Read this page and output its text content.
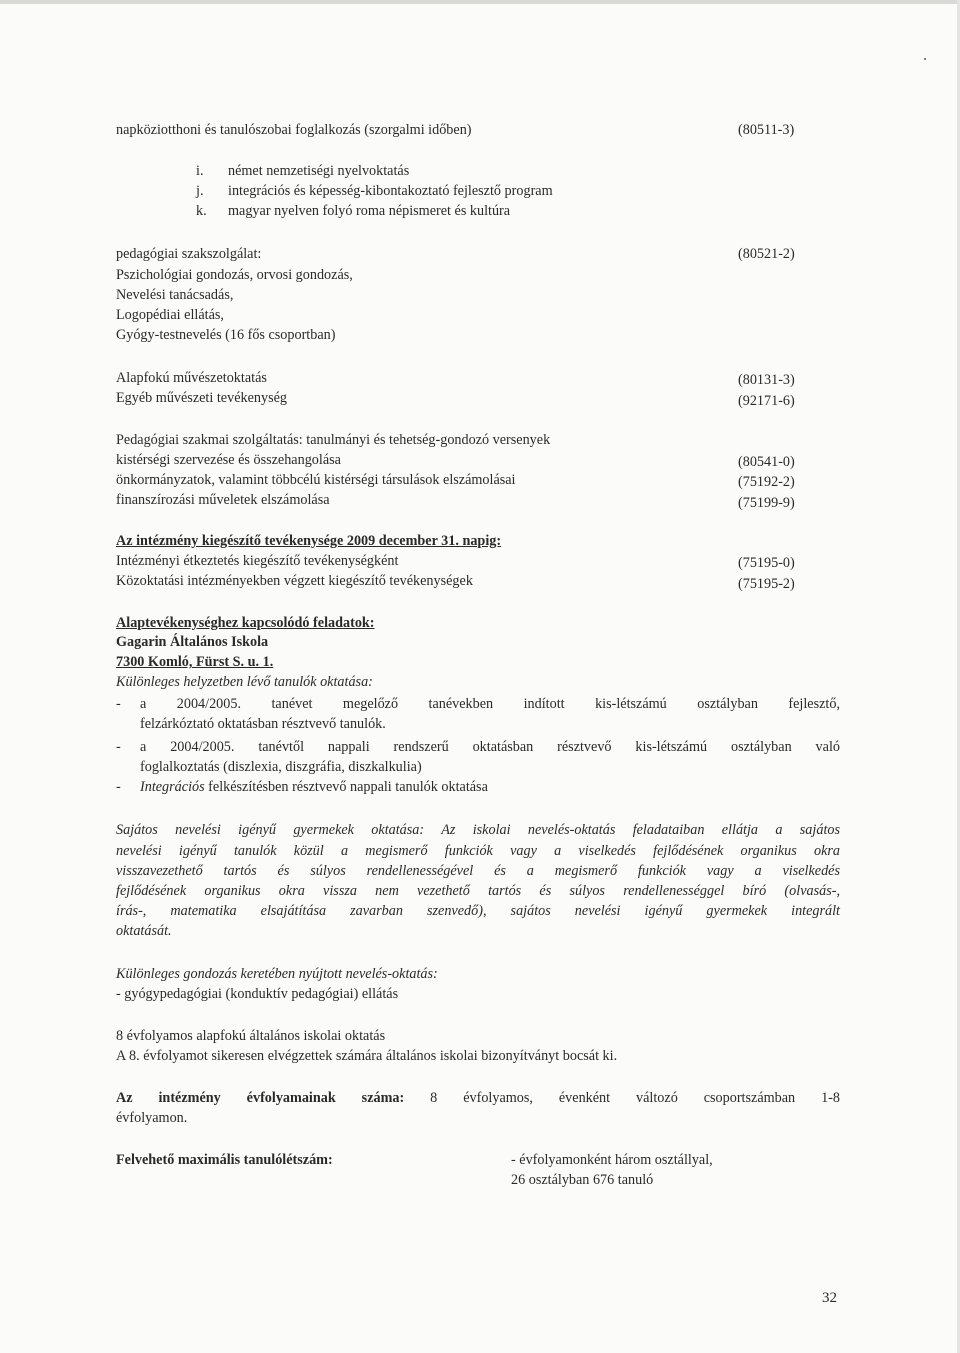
napköziotthoni és tanulószobai foglalkozás (szorgalmi időben)	(80511-3)
i. német nemzetiségi nyelvoktatás
j. integrációs és képesség-kibontakoztató fejlesztő program
k. magyar nyelven folyó roma népismeret és kultúra
pedagógiai szakszolgálat:	(80521-2)
Pszichológiai gondozás, orvosi gondozás,
Nevelési tanácsadás,
Logopédiai ellátás,
Gyógy-testnevelés (16 fős csoportban)
Alapfokú művészetoktatás	(80131-3)
Egyéb művészeti tevékenység	(92171-6)
Pedagógiai szakmai szolgáltatás: tanulmányi és tehetség-gondozó versenyek
kistérségi szervezése és összehangolása	(80541-0)
önkormányzatok, valamint többcélú kistérségi társulások elszámolásai	(75192-2)
finanszírozási műveletek elszámolása	(75199-9)
Az intézmény kiegészítő tevékenysége 2009 december 31. napig:
Intézményi étkeztetés kiegészítő tevékenységként	(75195-0)
Közoktatási intézményekben végzett kiegészítő tevékenységek	(75195-2)
Alaptevékenységhez kapcsolódó feladatok:
Gagarin Általános Iskola
7300 Komló, Fürst S. u. 1.
Különleges helyzetben lévő tanulók oktatása:
- a 2004/2005. tanévet megelőző tanévekben indított kis-létszámú osztályban fejlesztő,
felzárkóztató oktatásban résztvevő tanulók.
- a 2004/2005. tanévtől nappali rendszerű oktatásban résztvevő kis-létszámú osztályban való
foglalkoztatás (diszlexia, diszgráfia, diszkalkulia)
- Integrációs felkészítésben résztvevő nappali tanulók oktatása
Sajátos nevelési igényű gyermekek oktatása: Az iskolai nevelés-oktatás feladataiban ellátja a sajátos
nevelési igényű tanulók közül a megismerő funkciók vagy a viselkedés fejlődésének organikus okra
visszavezethető tartós és súlyos rendellenességével és a megismerő funkciók vagy a viselkedés
fejlődésének organikus okra vissza nem vezethető tartós és súlyos rendellenességgel bíró (olvasás-,
írás-, matematika elsajátítása zavarban szenvedő), sajátos nevelési igényű gyermekek integrált
oktatását.
Különleges gondozás keretében nyújtott nevelés-oktatás:
- gyógypedagógiai (konduktív pedagógiai) ellátás
8 évfolyamos alapfokú általános iskolai oktatás
A 8. évfolyamot sikeresen elvégzettek számára általános iskolai bizonyítványt bocsát ki.
Az intézmény évfolyamainak száma: 8 évfolyamos, évenként változó csoportszámban 1-8
évfolyamon.
Felvehető maximális tanulólétszám:	- évfolyamonként három osztállyal,
26 osztályban 676 tanuló
32
